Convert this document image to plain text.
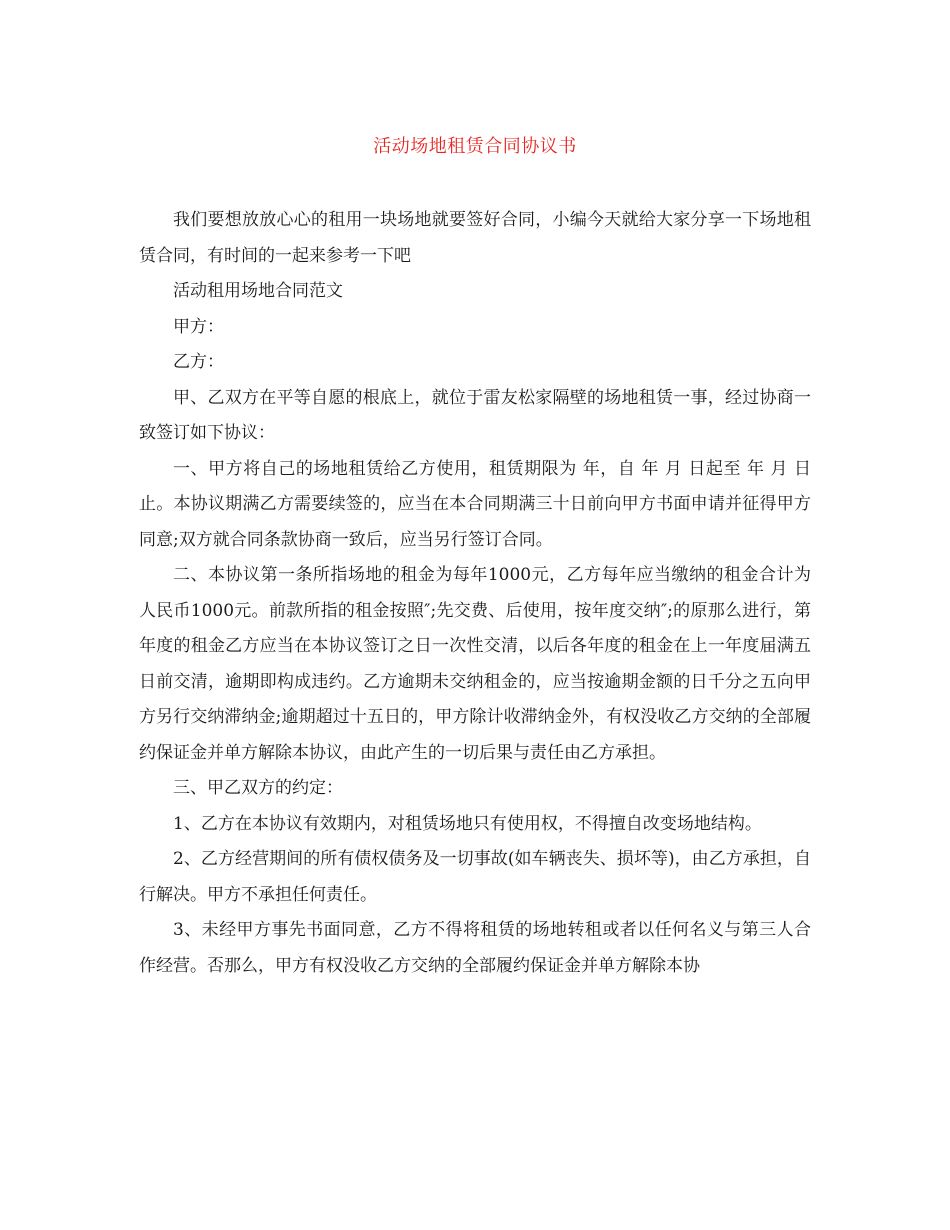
活动场地租赁合同协议书

我们要想放放心心的租用一块场地就要签好合同，小编今天就给大家分享一下场地租赁合同，有时间的一起来参考一下吧

活动租用场地合同范文

甲方：

乙方：

甲、乙双方在平等自愿的根底上，就位于雷友松家隔壁的场地租赁一事，经过协商一致签订如下协议：

一、甲方将自己的场地租赁给乙方使用，租赁期限为 年，自 年 月 日起至 年 月 日止。本协议期满乙方需要续签的，应当在本合同期满三十日前向甲方书面申请并征得甲方同意;双方就合同条款协商一致后，应当另行签订合同。

二、本协议第一条所指场地的租金为每年1000元，乙方每年应当缴纳的租金合计为人民币1000元。前款所指的租金按照″;先交费、后使用，按年度交纳″;的原那么进行，第年度的租金乙方应当在本协议签订之日一次性交清，以后各年度的租金在上一年度届满五日前交清，逾期即构成违约。乙方逾期未交纳租金的，应当按逾期金额的日千分之五向甲方另行交纳滞纳金;逾期超过十五日的，甲方除计收滞纳金外，有权没收乙方交纳的全部履约保证金并单方解除本协议，由此产生的一切后果与责任由乙方承担。

三、甲乙双方的约定：

1、乙方在本协议有效期内，对租赁场地只有使用权，不得擅自改变场地结构。

2、乙方经营期间的所有债权债务及一切事故(如车辆丧失、损坏等)，由乙方承担，自行解决。甲方不承担任何责任。

3、未经甲方事先书面同意，乙方不得将租赁的场地转租或者以任何名义与第三人合作经营。否那么，甲方有权没收乙方交纳的全部履约保证金并单方解除本协
